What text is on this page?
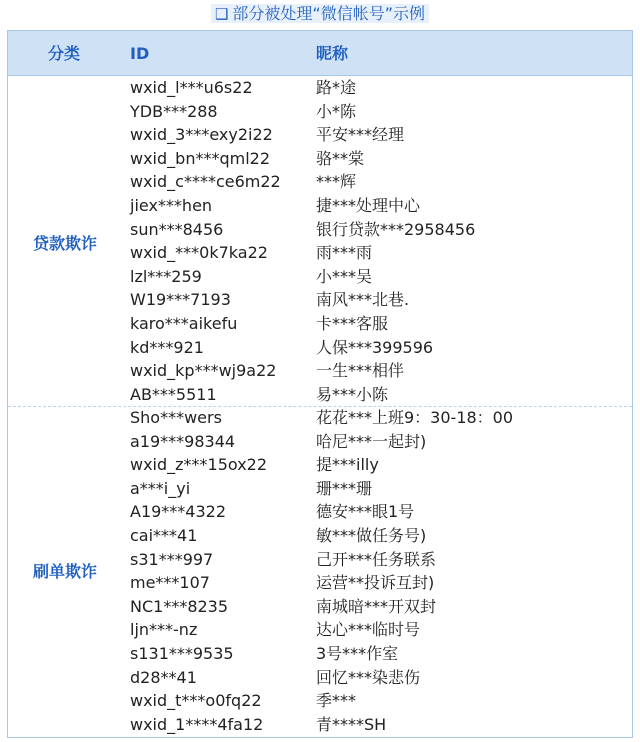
❑ 部分被处理“微信帐号”示例
分类	ID	昵称
贷款欺诈
wxid_l***u6s22	路*途
YDB***288	小*陈
wxid_3***exy2i22	平安***经理
wxid_bn***qml22	骆**棠
wxid_c****ce6m22 ***辉
jiex***hen	捷***处理中心
sun***8456	银行贷款***2958456
wxid_***0k7ka22	雨***雨
lzl***259	小***吴
W19***7193	南风***北巷.
karo***aikefu	卡***客服
kd***921	人保***399596
wxid_kp***wj9a22 一生***相伴
AB***5511	易***小陈
刷单欺诈
Sho***wers	花花***上班9：30-18：00
a19***98344	哈尼***一起封)
wxid_z***15ox22	提***illy
a***i_yi	珊***珊
A19***4322	德安***眼1号
cai***41	敏***做任务号)
s31***997	己开***任务联系
me***107	运营**投诉互封)
NC1***8235	南城暗***开双封
ljn***-nz	达心***临时号
s131***9535	3号***作室
d28**41	回忆***染悲伤
wxid_t***o0fq22	季***
wxid_1****4fa12	青****SH
